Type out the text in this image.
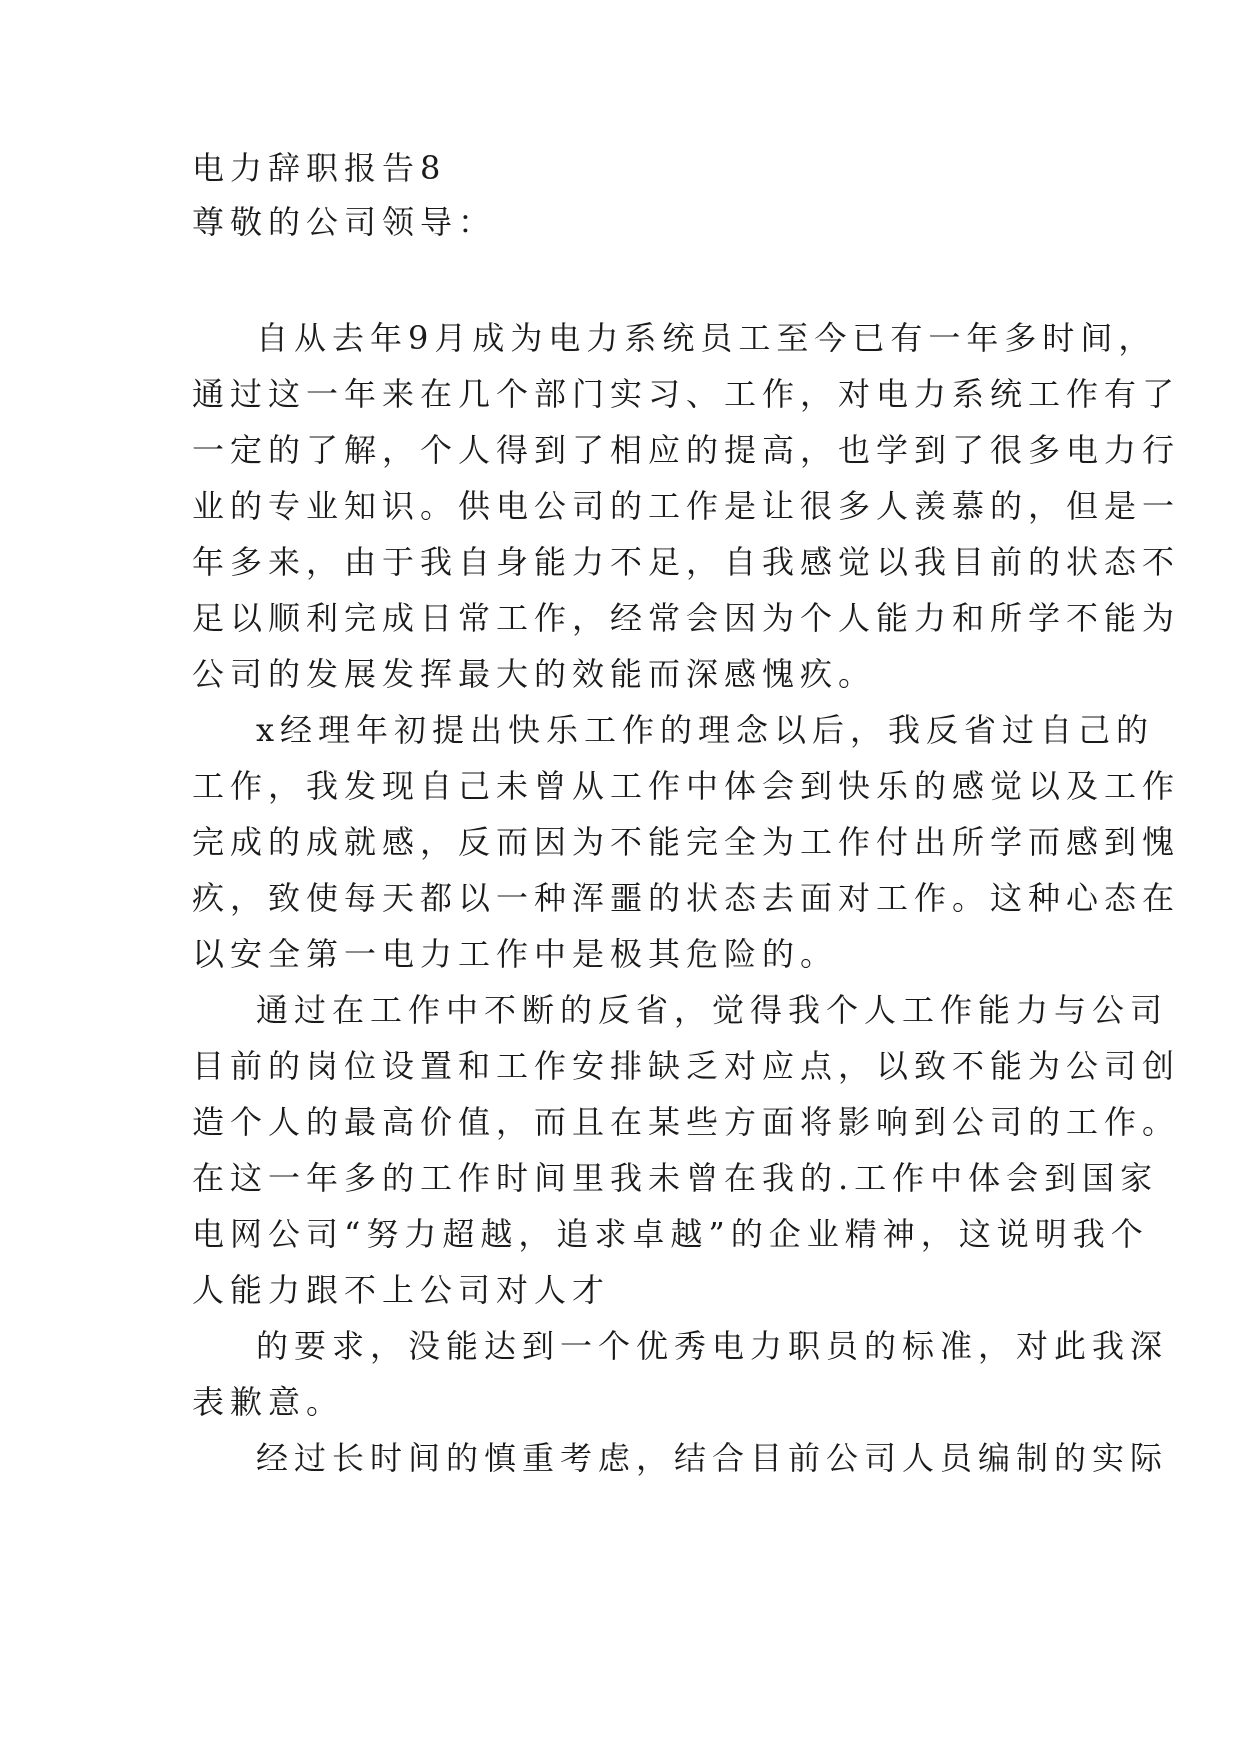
电力辞职报告8
尊敬的公司领导：
自从去年9月成为电力系统员工至今已有一年多时间，
通过这一年来在几个部门实习、工作，对电力系统工作有了
一定的了解，个人得到了相应的提高，也学到了很多电力行
业的专业知识。供电公司的工作是让很多人羡慕的，但是一
年多来，由于我自身能力不足，自我感觉以我目前的状态不
足以顺利完成日常工作，经常会因为个人能力和所学不能为
公司的发展发挥最大的效能而深感愧疚。
x经理年初提出快乐工作的理念以后，我反省过自己的
工作，我发现自己未曾从工作中体会到快乐的感觉以及工作
完成的成就感，反而因为不能完全为工作付出所学而感到愧
疚，致使每天都以一种浑噩的状态去面对工作。这种心态在
以安全第一电力工作中是极其危险的。
通过在工作中不断的反省，觉得我个人工作能力与公司
目前的岗位设置和工作安排缺乏对应点，以致不能为公司创
造个人的最高价值，而且在某些方面将影响到公司的工作。
在这一年多的工作时间里我未曾在我的.工作中体会到国家
电网公司“努力超越，追求卓越”的企业精神，这说明我个
人能力跟不上公司对人才
的要求，没能达到一个优秀电力职员的标准，对此我深
表歉意。
经过长时间的慎重考虑，结合目前公司人员编制的实际
